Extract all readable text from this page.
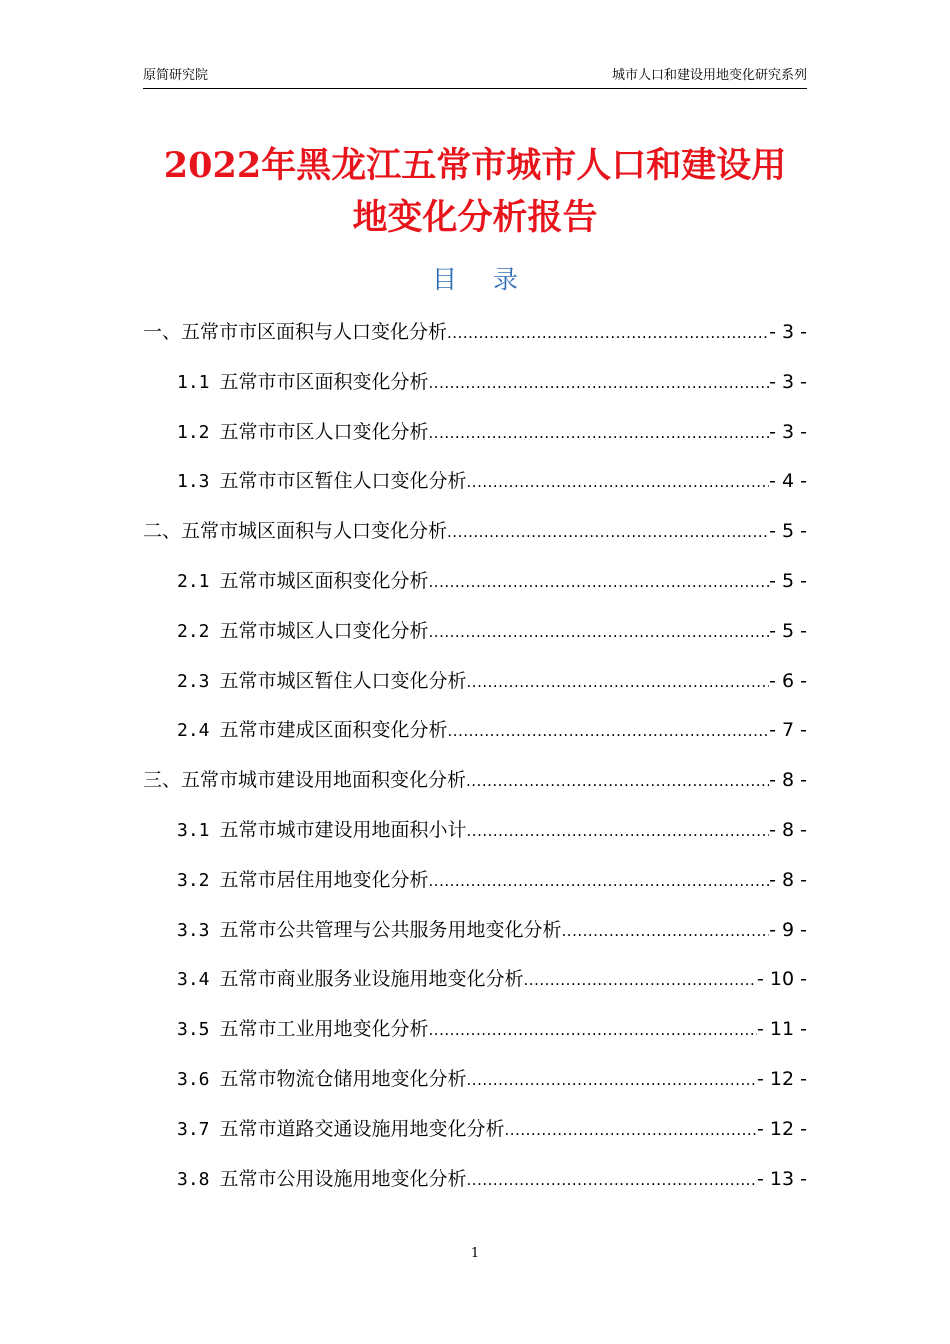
原简研究院	城市人口和建设用地变化研究系列
2022年黑龙江五常市城市人口和建设用
地变化分析报告
目 录
一、五常市市区面积与人口变化分析 .....	- 3 -
1.1 五常市市区面积变化分析 .....	- 3 -
1.2 五常市市区人口变化分析 .....	- 3 -
1.3 五常市市区暂住人口变化分析 .....	- 4 -
二、五常市城区面积与人口变化分析 .....	- 5 -
2.1 五常市城区面积变化分析 .....	- 5 -
2.2 五常市城区人口变化分析 .....	- 5 -
2.3 五常市城区暂住人口变化分析 .....	- 6 -
2.4 五常市建成区面积变化分析 .....	- 7 -
三、五常市城市建设用地面积变化分析 .....	- 8 -
3.1 五常市城市建设用地面积小计 .....	- 8 -
3.2 五常市居住用地变化分析 .....	- 8 -
3.3 五常市公共管理与公共服务用地变化分析 .....	- 9 -
3.4 五常市商业服务业设施用地变化分析 .....	- 10 -
3.5 五常市工业用地变化分析 .....	- 11 -
3.6 五常市物流仓储用地变化分析 .....	- 12 -
3.7 五常市道路交通设施用地变化分析 .....	- 12 -
3.8 五常市公用设施用地变化分析 .....	- 13 -
1
